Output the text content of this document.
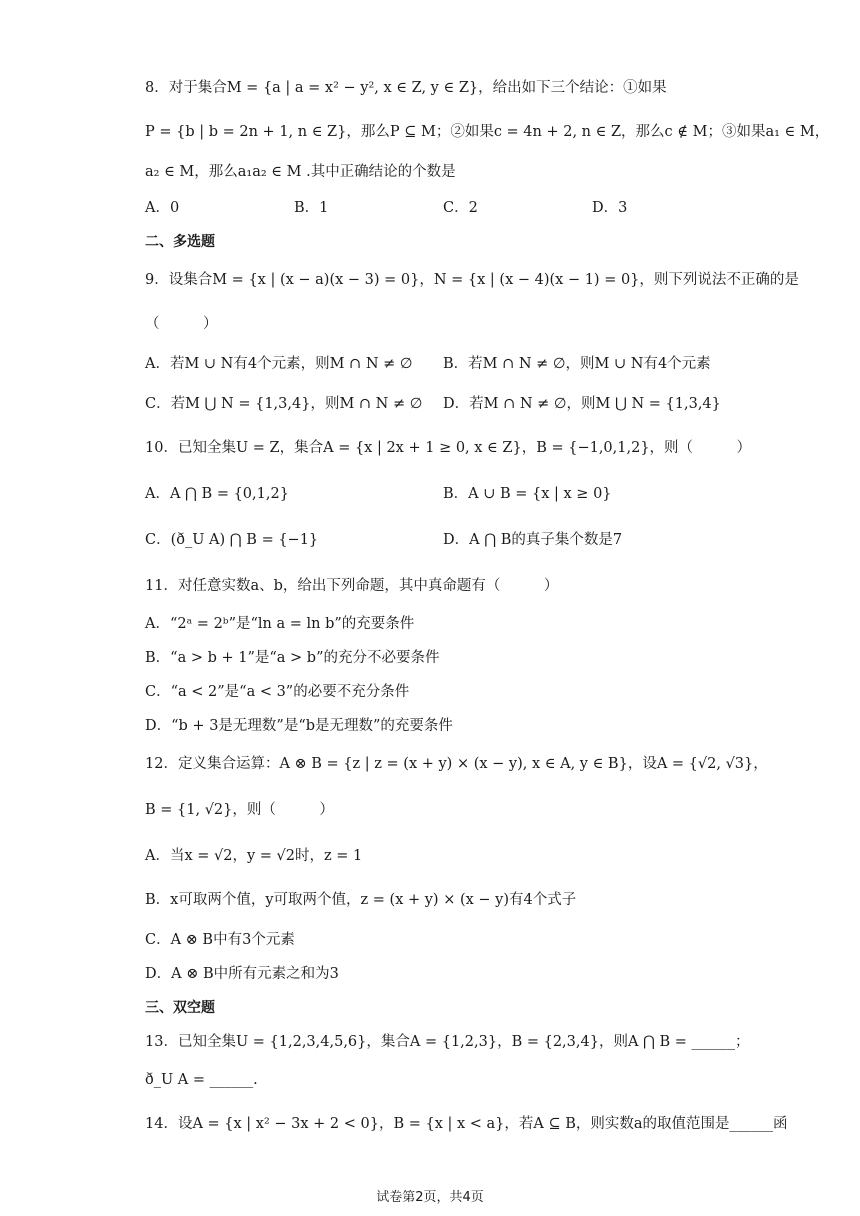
8．对于集合M = {a | a = x² − y², x ∈ Z, y ∈ Z}，给出如下三个结论：①如果
P = {b | b = 2n + 1, n ∈ Z}，那么P ⊆ M；②如果c = 4n + 2, n ∈ Z，那么c ∉ M；③如果a₁ ∈ M，
a₂ ∈ M，那么a₁a₂ ∈ M .其中正确结论的个数是
A．0	B．1	C．2	D．3
二、多选题
9．设集合M = {x | (x − a)(x − 3) = 0}，N = {x | (x − 4)(x − 1) = 0}，则下列说法不正确的是
（　　　）
A．若M ∪ N有4个元素，则M ∩ N ≠ ∅ B．若M ∩ N ≠ ∅，则M ∪ N有4个元素
C．若M ⋃ N = {1,3,4}，则M ∩ N ≠ ∅ D．若M ∩ N ≠ ∅，则M ⋃ N = {1,3,4}
10．已知全集U = Z，集合A = {x | 2x + 1 ≥ 0, x ∈ Z}，B = {−1,0,1,2}，则（　　　）
A．A ⋂ B = {0,1,2}	B．A ∪ B = {x | x ≥ 0}
C．(ð_U A) ⋂ B = {−1}	D．A ⋂ B的真子集个数是7
11．对任意实数a、b，给出下列命题，其中真命题有（　　　）
A．“2ᵃ = 2ᵇ”是“ln a = ln b”的充要条件
B．“a > b + 1”是“a > b”的充分不必要条件
C．“a < 2”是“a < 3”的必要不充分条件
D．“b + 3是无理数”是“b是无理数”的充要条件
12．定义集合运算：A ⊗ B = {z | z = (x + y) × (x − y), x ∈ A, y ∈ B}，设A = {√2, √3}，
B = {1, √2}，则（　　　）
A．当x = √2，y = √2时，z = 1
B．x可取两个值，y可取两个值，z = (x + y) × (x − y)有4个式子
C．A ⊗ B中有3个元素
D．A ⊗ B中所有元素之和为3
三、双空题
13．已知全集U = {1,2,3,4,5,6}，集合A = {1,2,3}，B = {2,3,4}，则A ⋂ B = ______；
ð_U A = ______.
14．设A = {x | x² − 3x + 2 < 0}，B = {x | x < a}，若A ⊆ B，则实数a的取值范围是______函
试卷第2页，共4页
